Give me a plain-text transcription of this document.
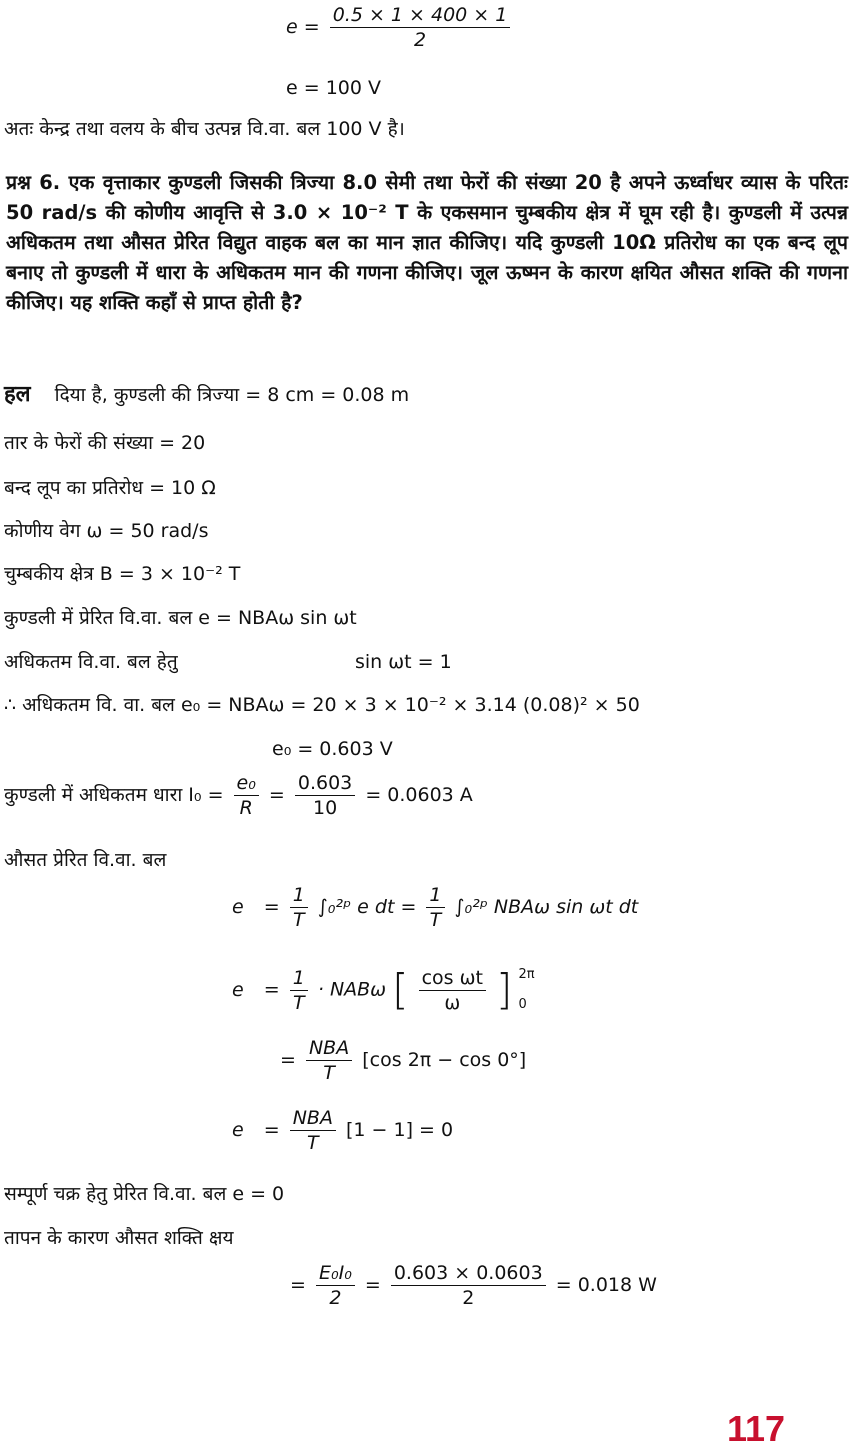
$e = \frac{0.5 \times 1 \times 400 \times 1}{2}$
e = 100 V
अतः केन्द्र तथा वलय के बीच उत्पन्न वि.वा. बल 100 V है।
प्रश्न 6. एक वृत्ताकार कुण्डली जिसकी त्रिज्या 8.0 सेमी तथा फेरों की संख्या 20 है अपने ऊर्ध्वाधर व्यास के परितः 50 rad/s की कोणीय आवृत्ति से 3.0 × 10⁻² T के एकसमान चुम्बकीय क्षेत्र में घूम रही है। कुण्डली में उत्पन्न अधिकतम तथा औसत प्रेरित विद्युत वाहक बल का मान ज्ञात कीजिए। यदि कुण्डली 10Ω प्रतिरोध का एक बन्द लूप बनाए तो कुण्डली में धारा के अधिकतम मान की गणना कीजिए। जूल ऊष्मन के कारण क्षयित औसत शक्ति की गणना कीजिए। यह शक्ति कहाँ से प्राप्त होती है?
हल दिया है, कुण्डली की त्रिज्या = 8 cm = 0.08 m
तार के फेरों की संख्या = 20
बन्द लूप का प्रतिरोध = 10 Ω
कोणीय वेग ω = 50 rad/s
चुम्बकीय क्षेत्र B = 3 × 10⁻² T
कुण्डली में प्रेरित वि.वा. बल e = NBAω sin ωt
अधिकतम वि.वा. बल हेतु	sin ωt = 1
∴ अधिकतम वि. वा. बल e₀ = NBAω = 20 × 3 × 10⁻² × 3.14 (0.08)² × 50
e₀ = 0.603 V
कुण्डली में अधिकतम धारा $I_0 = \frac{\text{e₀}}{R} = \frac{0.603}{10} = 0.0603$ A
औसत प्रेरित वि.वा. बल
$e = \frac{1}{T}$ ∫₀²ᵖ e dt = $\frac{1}{T}$ ∫₀²ᵖ NBAω sin ωt dt
$e = \frac{1}{T} \cdot NAB\omega$ [ $\frac{\text{cos ωt}}{\omega}$ ] 2π
0
= $\frac{\text{NBA}}{T} [\cos$ 2π − cos 0°]
$e = \frac{\text{NBA}}{T} [1 - 1] = 0$
सम्पूर्ण चक्र हेतु प्रेरित वि.वा. बल e = 0
तापन के कारण औसत शक्ति क्षय
= $\frac{\text{E₀I₀}}{2} = \frac{0.603 \times 0.0603}{2} = 0.018$ W
117
